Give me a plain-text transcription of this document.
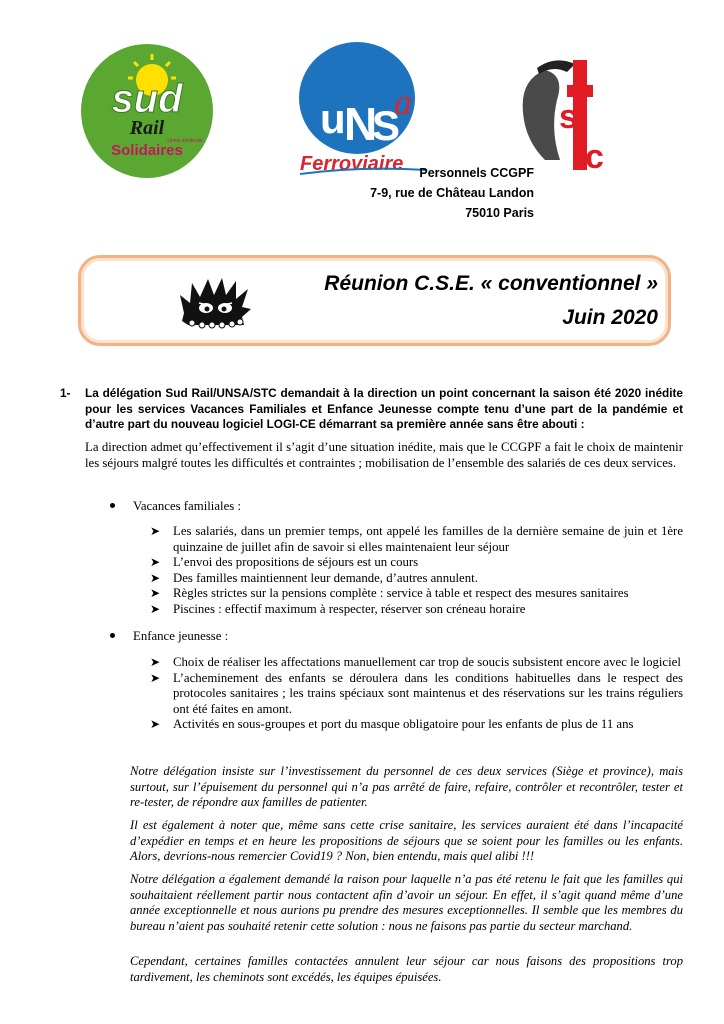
sud
Rail
Solidaires
Union syndicale	u
N
S
a
Ferroviaire
s
c
Personnels CCGPF
7-9, rue de Château Landon
75010 Paris
Réunion C.S.E. « conventionnel »
Juin 2020
1- La délégation Sud Rail/UNSA/STC demandait à la direction un point concernant la saison été 2020 inédite pour les services Vacances Familiales et Enfance Jeunesse compte tenu d’une part de la pandémie et d’autre part du nouveau logiciel LOGI-CE démarrant sa première année sans être abouti :
La direction admet qu’effectivement il s’agit d’une situation inédite, mais que le CCGPF a fait le choix de maintenir les séjours malgré toutes les difficultés et contraintes ; mobilisation de l’ensemble des salariés de ces deux services.
Vacances familiales :
➤ Les salariés, dans un premier temps, ont appelé les familles de la dernière semaine de juin et 1ère quinzaine de juillet afin de savoir si elles maintenaient leur séjour
➤ L’envoi des propositions de séjours est un cours
➤ Des familles maintiennent leur demande, d’autres annulent.
➤ Règles strictes sur la pensions complète : service à table et respect des mesures sanitaires
➤ Piscines : effectif maximum à respecter, réserver son créneau horaire
Enfance jeunesse :
➤ Choix de réaliser les affectations manuellement car trop de soucis subsistent encore avec le logiciel
➤ L’acheminement des enfants se déroulera dans les conditions habituelles dans le respect des protocoles sanitaires ; les trains spéciaux sont maintenus et des réservations sur les trains réguliers ont été faites en amont.
➤ Activités en sous-groupes et port du masque obligatoire pour les enfants de plus de 11 ans
Notre délégation insiste sur l’investissement du personnel de ces deux services (Siège et province), mais surtout, sur l’épuisement du personnel qui n’a pas arrêté de faire, refaire, contrôler et recontrôler, tester et re-tester, de répondre aux familles de patienter.
Il est également à noter que, même sans cette crise sanitaire, les services auraient été dans l’incapacité d’expédier en temps et en heure les propositions de séjours que se soient pour les familles ou les enfants. Alors, devrions-nous remercier Covid19 ? Non, bien entendu, mais quel alibi !!!
Notre délégation a également demandé la raison pour laquelle n’a pas été retenu le fait que les familles qui souhaitaient réellement partir nous contactent afin d’avoir un séjour. En effet, il s’agit quand même d’une année exceptionnelle et nous aurions pu prendre des mesures exceptionnelles. Il semble que les membres du bureau n’aient pas souhaité retenir cette solution : nous ne faisons pas partie du secteur marchand.
Cependant, certaines familles contactées annulent leur séjour car nous faisons des propositions trop tardivement, les cheminots sont excédés, les équipes épuisées.
